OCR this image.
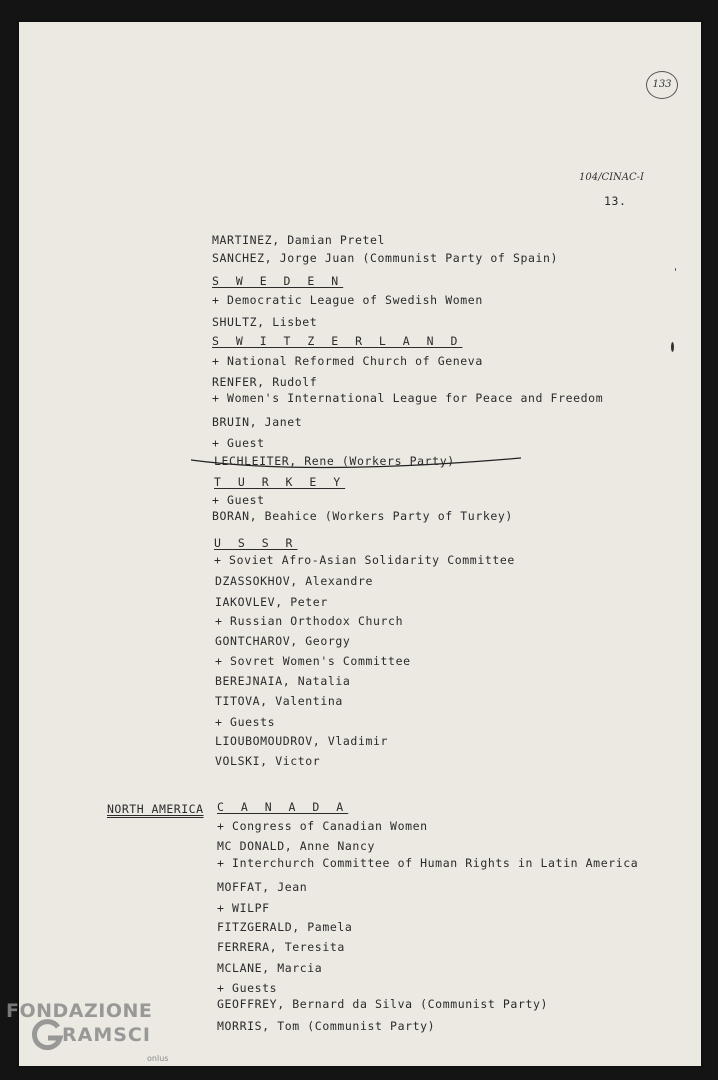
133
104/CINAC-I
13.
MARTINEZ, Damian Pretel
SANCHEZ, Jorge Juan (Communist Party of Spain)
S W E D E N
+ Democratic League of Swedish Women
SHULTZ, Lisbet
S W I T Z E R L A N D
+ National Reformed Church of Geneva
RENFER, Rudolf
+ Women's International League for Peace and Freedom
BRUIN, Janet
+ Guest
LECHLEITER, Rene (Workers Party)
T U R K E Y
+ Guest
BORAN, Beahice (Workers Party of Turkey)
U S S R
+ Soviet Afro-Asian Solidarity Committee
DZASSOKHOV, Alexandre
IAKOVLEV, Peter
+ Russian Orthodox Church
GONTCHAROV, Georgy
+ Sovret Women's Committee
BEREJNAIA, Natalia
TITOVA, Valentina
+ Guests
LIOUBOMOUDROV, Vladimir
VOLSKI, Victor
NORTH AMERICA C A N A D A
+ Congress of Canadian Women
MC DONALD, Anne Nancy
+ Interchurch Committee of Human Rights in Latin America
MOFFAT, Jean
+ WILPF
FITZGERALD, Pamela
FERRERA, Teresita
MCLANE, Marcia
+ Guests
GEOFFREY, Bernard da Silva (Communist Party)
MORRIS, Tom (Communist Party)
FONDAZIONE
RAMSCI
onlus
